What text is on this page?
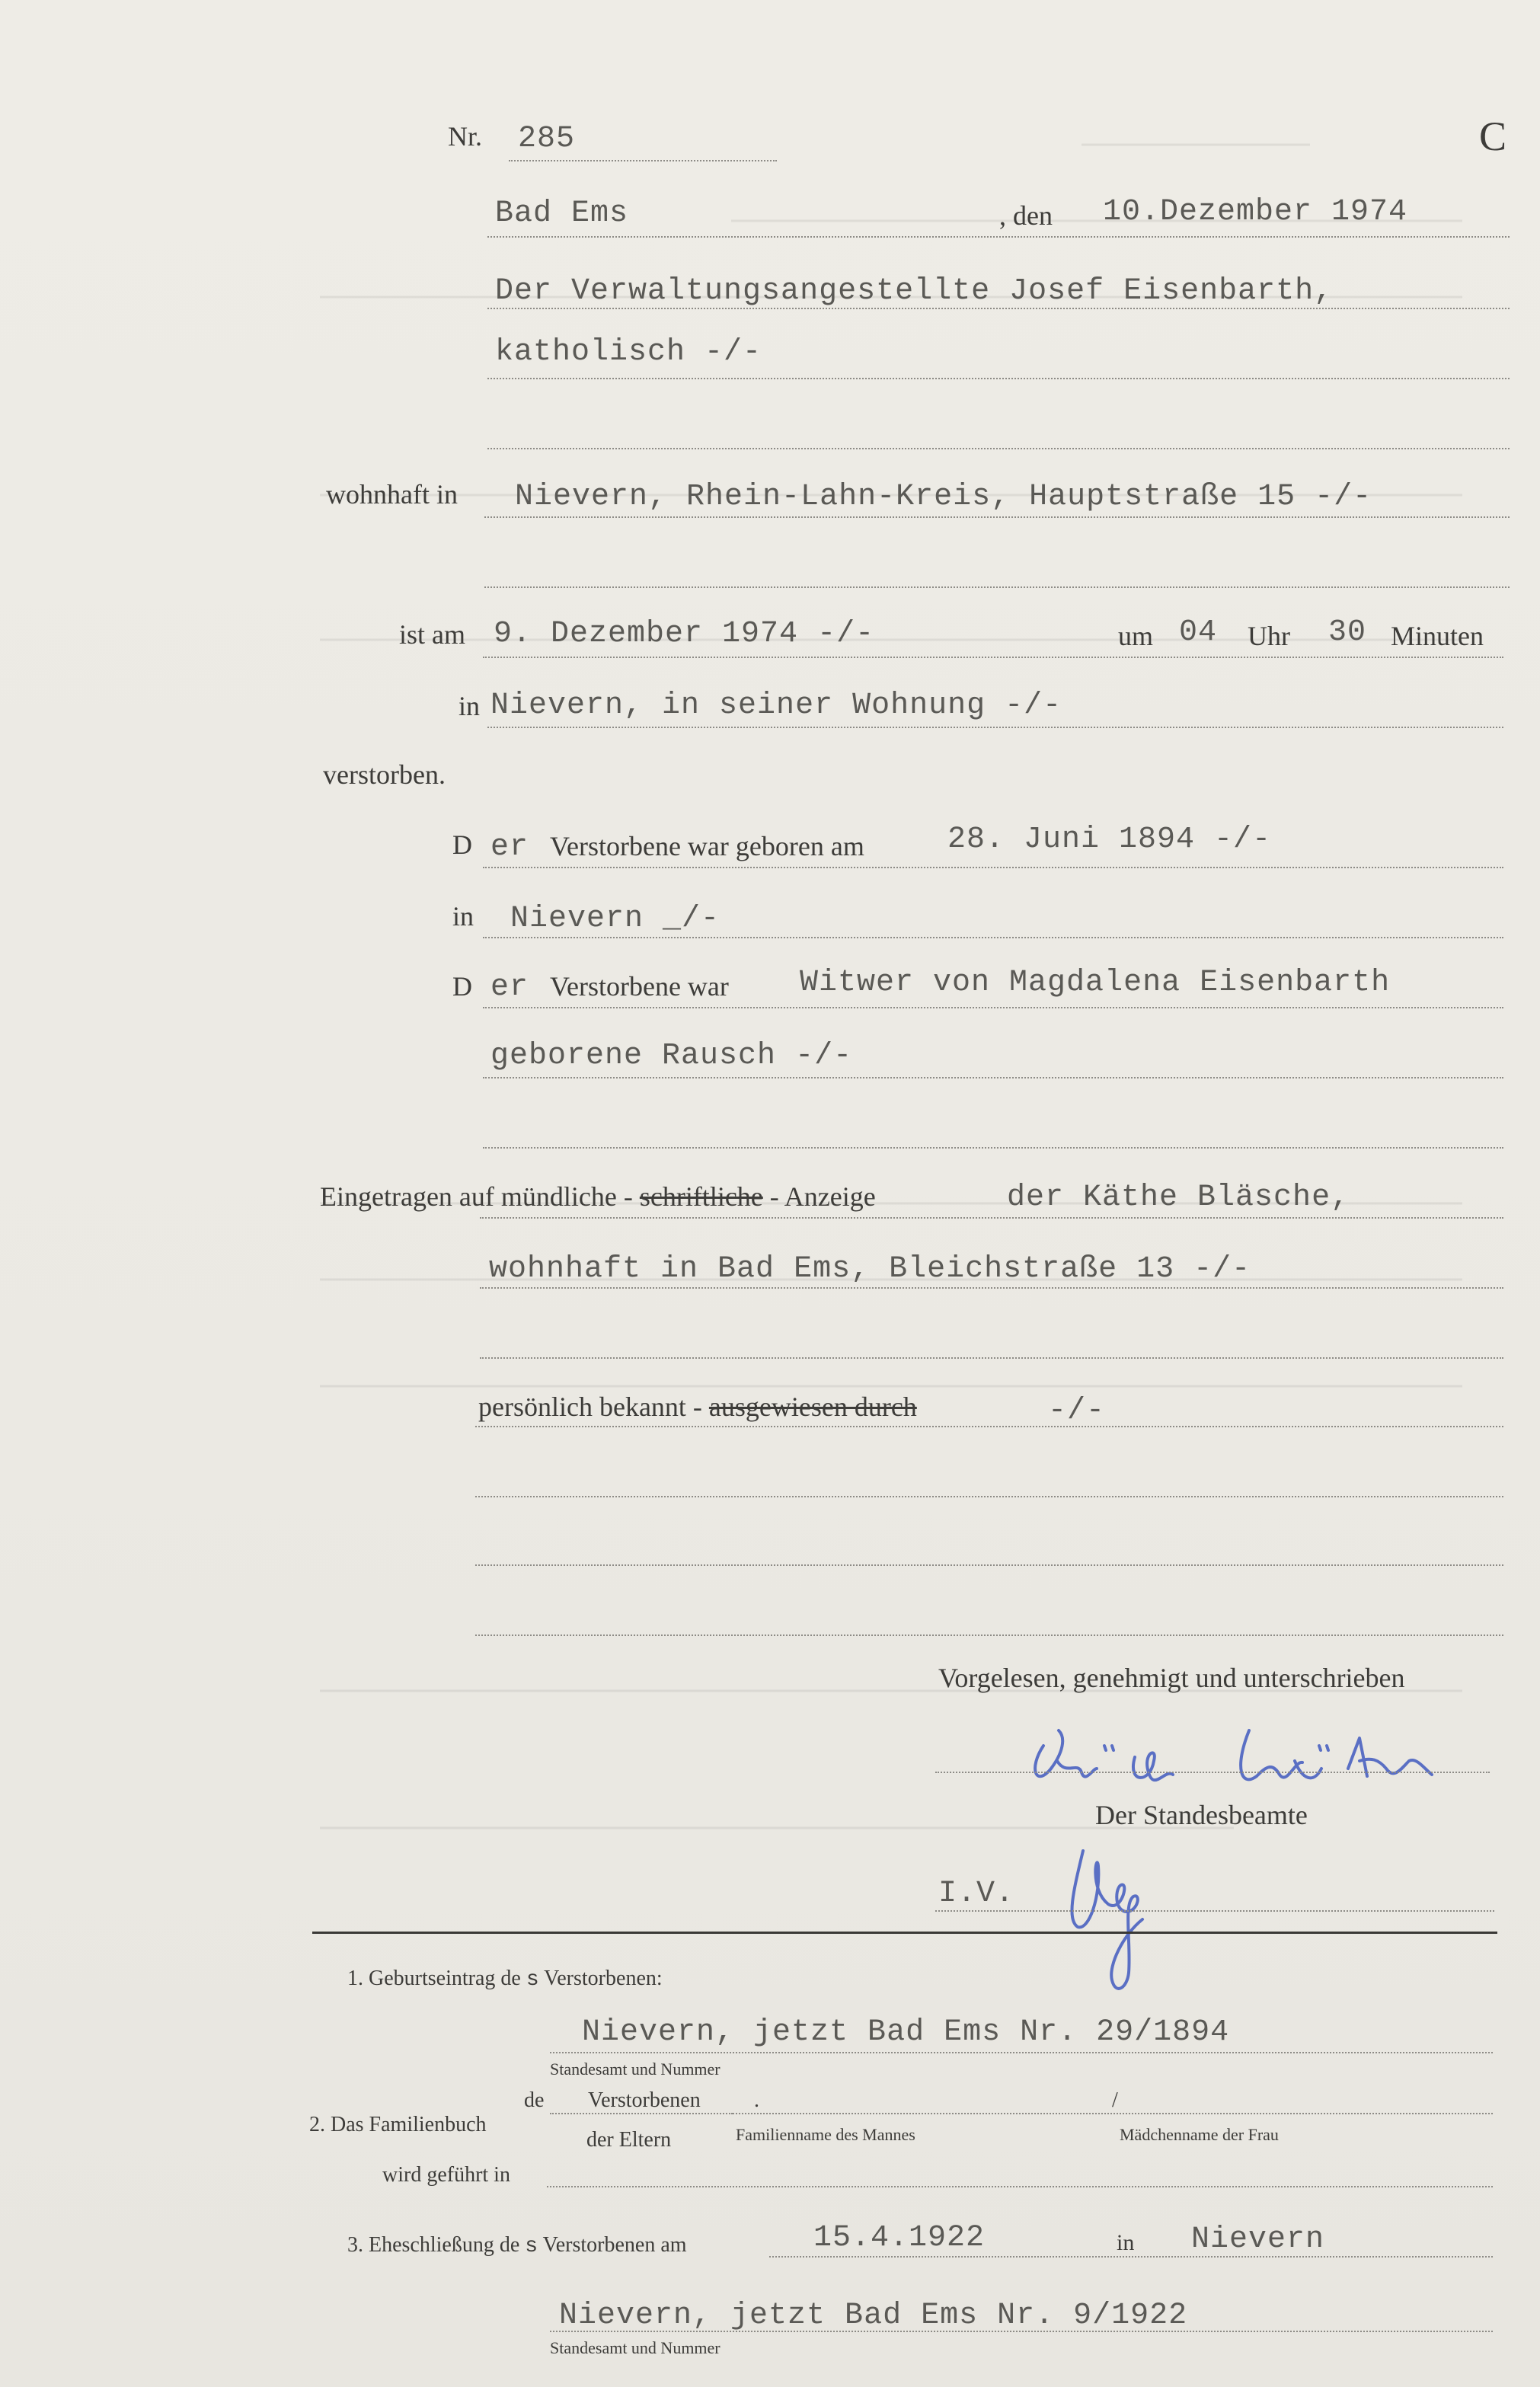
Nr. 285	C
Bad Ems	, den 10.Dezember 1974
Der Verwaltungsangestellte Josef Eisenbarth,
katholisch -/-
wohnhaft in Nievern, Rhein-Lahn-Kreis, Hauptstraße 15 -/-
ist am 9. Dezember 1974 -/-	um 04 Uhr 30 Minuten
in Nievern, in seiner Wohnung -/-
verstorben.
D er Verstorbene war geboren am	28. Juni 1894 -/-
in Nievern _/-
D er Verstorbene war Witwer von Magdalena Eisenbarth
geborene Rausch -/-
Eingetragen auf mündliche - schriftliche - Anzeige	der Käthe Bläsche,
wohnhaft in Bad Ems, Bleichstraße 13 -/-
persönlich bekannt - ausgewiesen durch	-/-
Vorgelesen, genehmigt und unterschrieben
Der Standesbeamte
I.V.
1. Geburtseintrag de s Verstorbenen:
Nievern, jetzt Bad Ems Nr. 29/1894
Standesamt und Nummer
2. Das Familienbuch
de Verstorbenen	.	/
der Eltern	Familienname des Mannes	Mädchenname der Frau
wird geführt in
3. Eheschließung de s Verstorbenen am	15.4.1922	in Nievern
Nievern, jetzt Bad Ems Nr. 9/1922
Standesamt und Nummer
